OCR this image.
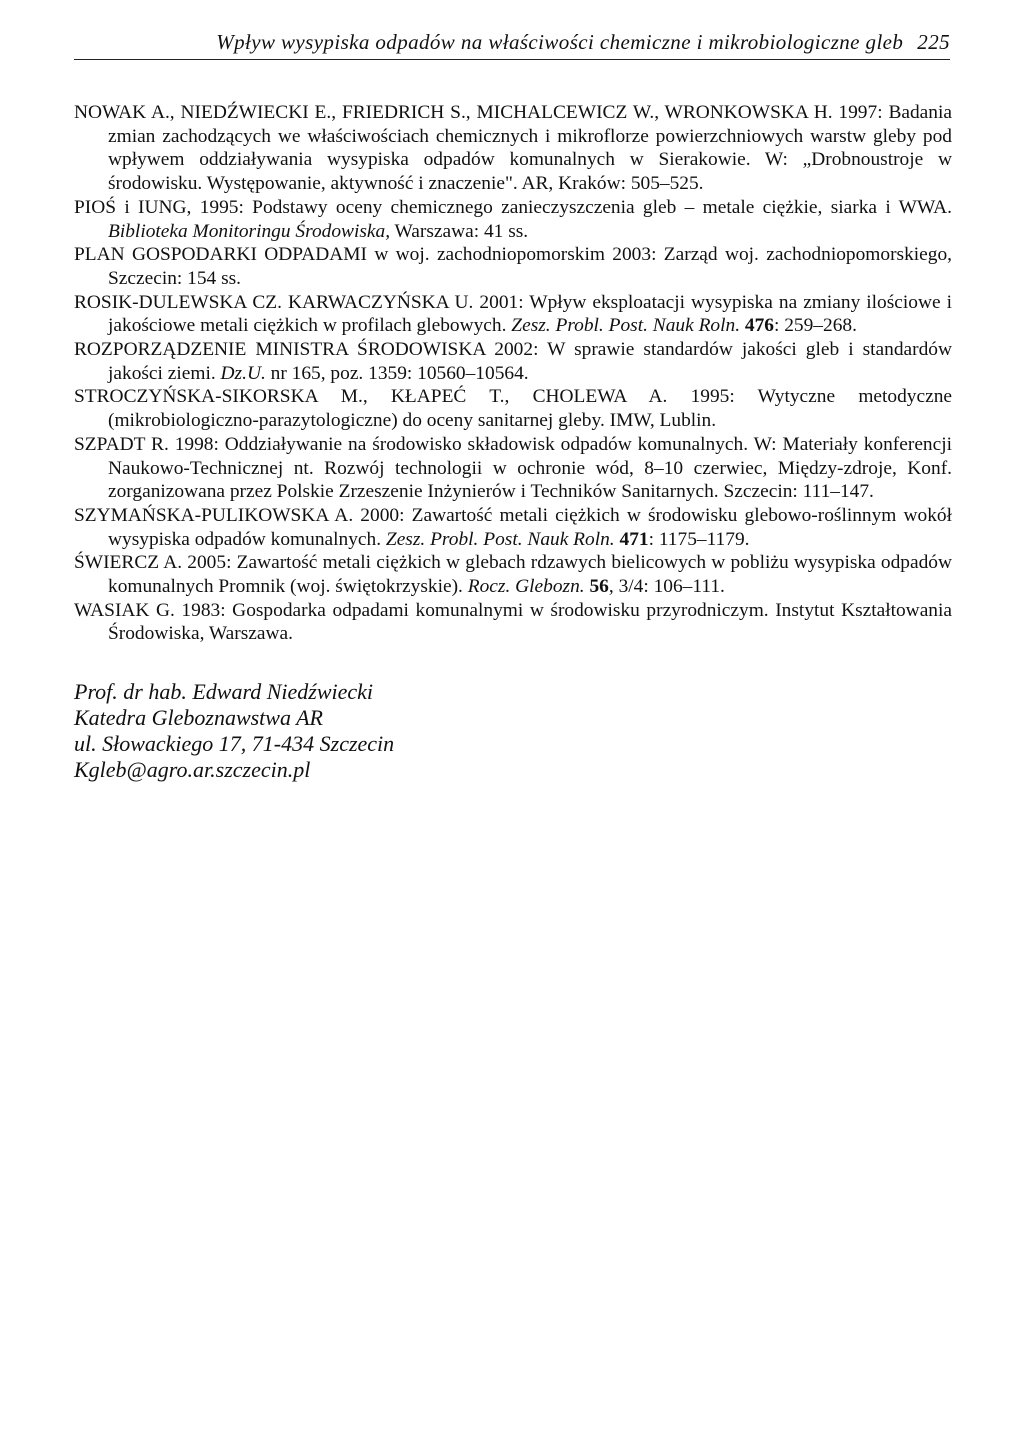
Wpływ wysypiska odpadów na właściwości chemiczne i mikrobiologiczne gleb 225

NOWAK A., NIEDŹWIECKI E., FRIEDRICH S., MICHALCEWICZ W., WRONKOWSKA H. 1997: Badania zmian zachodzących we właściwościach chemicznych i mikroflorze powierzchniowych warstw gleby pod wpływem oddziaływania wysypiska odpadów komunalnych w Sierakowie. W: „Drobnoustroje w środowisku. Występowanie, aktywność i znaczenie". AR, Kraków: 505–525.

PIOŚ i IUNG, 1995: Podstawy oceny chemicznego zanieczyszczenia gleb – metale ciężkie, siarka i WWA. Biblioteka Monitoringu Środowiska, Warszawa: 41 ss.

PLAN GOSPODARKI ODPADAMI w woj. zachodniopomorskim 2003: Zarząd woj. zachodniopomorskiego, Szczecin: 154 ss.

ROSIK-DULEWSKA CZ. KARWACZYŃSKA U. 2001: Wpływ eksploatacji wysypiska na zmiany ilościowe i jakościowe metali ciężkich w profilach glebowych. Zesz. Probl. Post. Nauk Roln. 476: 259–268.

ROZPORZĄDZENIE MINISTRA ŚRODOWISKA 2002: W sprawie standardów jakości gleb i standardów jakości ziemi. Dz.U. nr 165, poz. 1359: 10560–10564.

STROCZYŃSKA-SIKORSKA M., KŁAPEĆ T., CHOLEWA A. 1995: Wytyczne metodyczne (mikrobiologiczno-parazytologiczne) do oceny sanitarnej gleby. IMW, Lublin.

SZPADT R. 1998: Oddziaływanie na środowisko składowisk odpadów komunalnych. W: Materiały konferencji Naukowo-Technicznej nt. Rozwój technologii w ochronie wód, 8–10 czerwiec, Między-zdroje, Konf. zorganizowana przez Polskie Zrzeszenie Inżynierów i Techników Sanitarnych. Szczecin: 111–147.

SZYMAŃSKA-PULIKOWSKA A. 2000: Zawartość metali ciężkich w środowisku glebowo-roślinnym wokół wysypiska odpadów komunalnych. Zesz. Probl. Post. Nauk Roln. 471: 1175–1179.

ŚWIERCZ A. 2005: Zawartość metali ciężkich w glebach rdzawych bielicowych w pobliżu wysypiska odpadów komunalnych Promnik (woj. świętokrzyskie). Rocz. Glebozn. 56, 3/4: 106–111.

WASIAK G. 1983: Gospodarka odpadami komunalnymi w środowisku przyrodniczym. Instytut Kształtowania Środowiska, Warszawa.

Prof. dr hab. Edward Niedźwiecki
Katedra Gleboznawstwa AR
ul. Słowackiego 17, 71-434 Szczecin
Kgleb@agro.ar.szczecin.pl
